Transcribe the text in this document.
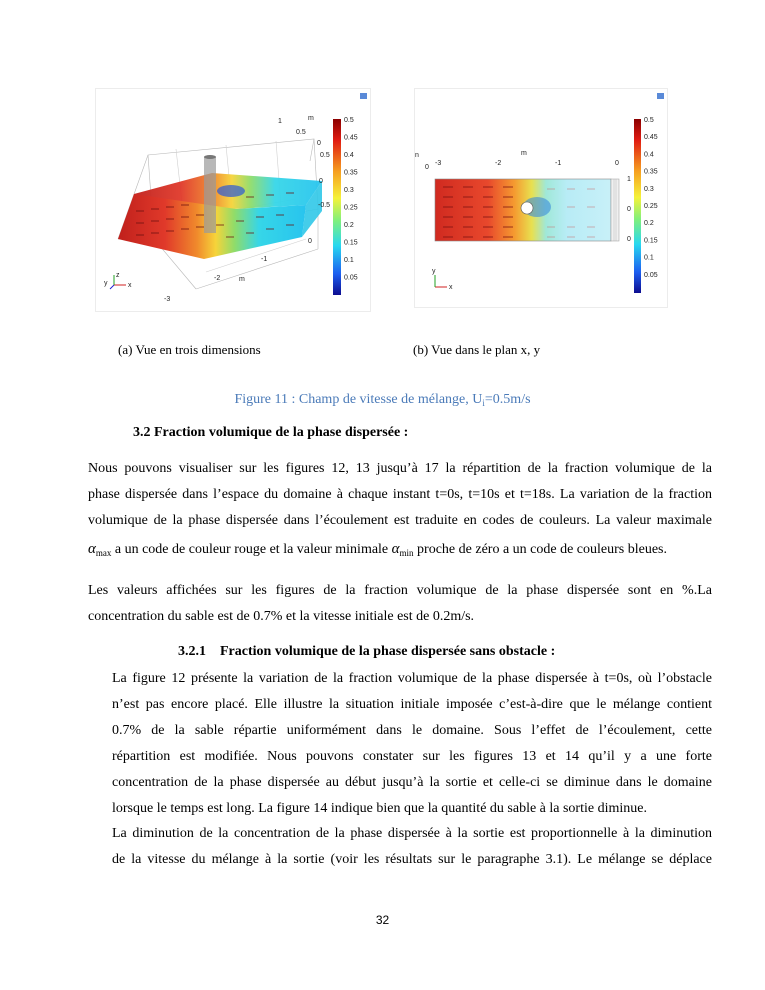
1
0.5
0
0.5
0
-0.5
0
-1
-2
-3
m
m
x
z
y
0.5
0.45
0.4
0.35
0.3
0.25
0.2
0.15
0.1
0.05
n	m
0
-3	-2	-1	0
1
0
0
x
y
0.5
0.45
0.4
0.35
0.3
0.25
0.2
0.15
0.1
0.05
(a) Vue en trois dimensions	(b) Vue dans le plan x, y
Figure 11 : Champ de vitesse de mélange, $U_i=0.5m/s$
3.2 Fraction volumique de la phase dispersée :
Nous pouvons visualiser sur les figures 12, 13 jusqu’à 17 la répartition de la fraction volumique de la
phase dispersée dans l’espace du domaine à chaque instant t=0s, t=10s et t=18s. La variation de la fraction
volumique de la phase dispersée dans l’écoulement est traduite en codes de couleurs. La valeur maximale
$\alpha_{max}$ a un code de couleur rouge et la valeur minimale $\alpha_{min}$ proche de zéro a un code de couleurs bleues.
Les valeurs affichées sur les figures de la fraction volumique de la phase dispersée sont en %.La
concentration du sable est de 0.7% et la vitesse initiale est de 0.2m/s.
3.2.1 Fraction volumique de la phase dispersée sans obstacle :
La figure 12 présente la variation de la fraction volumique de la phase dispersée à t=0s, où l’obstacle
n’est pas encore placé. Elle illustre la situation initiale imposée c’est-à-dire que le mélange contient
0.7% de la sable répartie uniformément dans le domaine. Sous l’effet de l’écoulement, cette
répartition est modifiée. Nous pouvons constater sur les figures 13 et 14 qu’il y a une forte
concentration de la phase dispersée au début jusqu’à la sortie et celle-ci se diminue dans le domaine
lorsque le temps est long. La figure 14 indique bien que la quantité du sable à la sortie diminue.
La diminution de la concentration de la phase dispersée à la sortie est proportionnelle à la diminution
de la vitesse du mélange à la sortie (voir les résultats sur le paragraphe 3.1). Le mélange se déplace
32
